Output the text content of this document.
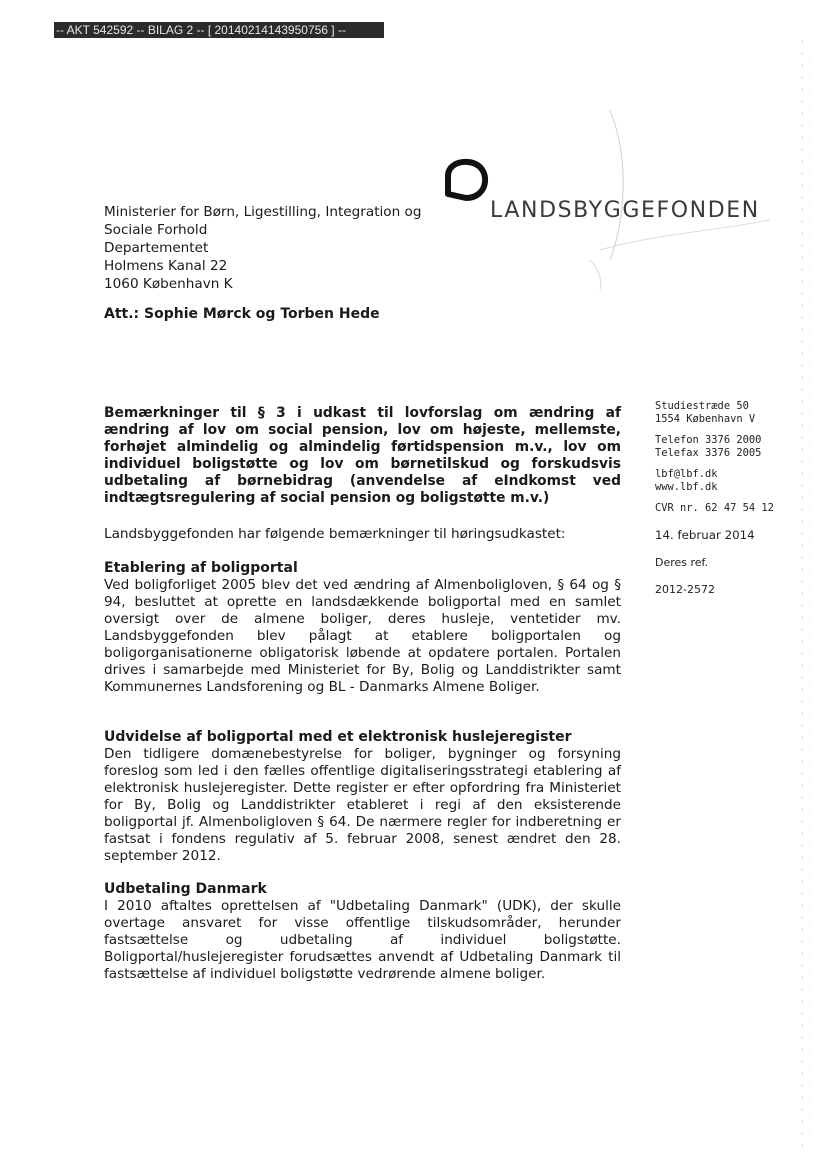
-- AKT 542592 -- BILAG 2 -- [ 20140214143950756 ] --
LANDSBYGGEFONDEN
Ministerier for Børn, Ligestilling, Integration og
Sociale Forhold
Departementet
Holmens Kanal 22
1060 København K
Att.: Sophie Mørck og Torben Hede
Bemærkninger til § 3 i udkast til lovforslag om ændring af ændring af lov om social pension, lov om højeste, mellemste, forhøjet almindelig og almindelig førtidspension m.v., lov om individuel boligstøtte og lov om børnetilskud og forskudsvis udbetaling af børnebidrag (anvendelse af eIndkomst ved indtægtsregulering af social pension og boligstøtte m.v.)
Landsbyggefonden har følgende bemærkninger til høringsudkastet:
Etablering af boligportal

Ved boligforliget 2005 blev det ved ændring af Almenboligloven, § 64 og § 94, besluttet at oprette en landsdækkende boligportal med en samlet oversigt over de almene boliger, deres husleje, ventetider mv. Landsbyggefonden blev pålagt at etablere boligportalen og boligorganisationerne obligatorisk løbende at opdatere portalen. Portalen drives i samarbejde med Ministeriet for By, Bolig og Landdistrikter samt Kommunernes Landsforening og BL - Danmarks Almene Boliger.

Udvidelse af boligportal med et elektronisk huslejeregister

Den tidligere domænebestyrelse for boliger, bygninger og forsyning foreslog som led i den fælles offentlige digitaliseringsstrategi etablering af elektronisk huslejeregister. Dette register er efter opfordring fra Ministeriet for By, Bolig og Landdistrikter etableret i regi af den eksisterende boligportal jf. Almenboligloven § 64. De nærmere regler for indberetning er fastsat i fondens regulativ af 5. februar 2008, senest ændret den 28. september 2012.

Udbetaling Danmark

I 2010 aftaltes oprettelsen af "Udbetaling Danmark" (UDK), der skulle overtage ansvaret for visse offentlige tilskudsområder, herunder fastsættelse og udbetaling af individuel boligstøtte. Boligportal/huslejeregister forudsættes anvendt af Udbetaling Danmark til fastsættelse af individuel boligstøtte vedrørende almene boliger.

Studiestræde 50
1554 København V
Telefon 3376 2000
Telefax 3376 2005
lbf@lbf.dk
www.lbf.dk
CVR nr. 62 47 54 12
14. februar 2014
Deres ref.
2012-2572
